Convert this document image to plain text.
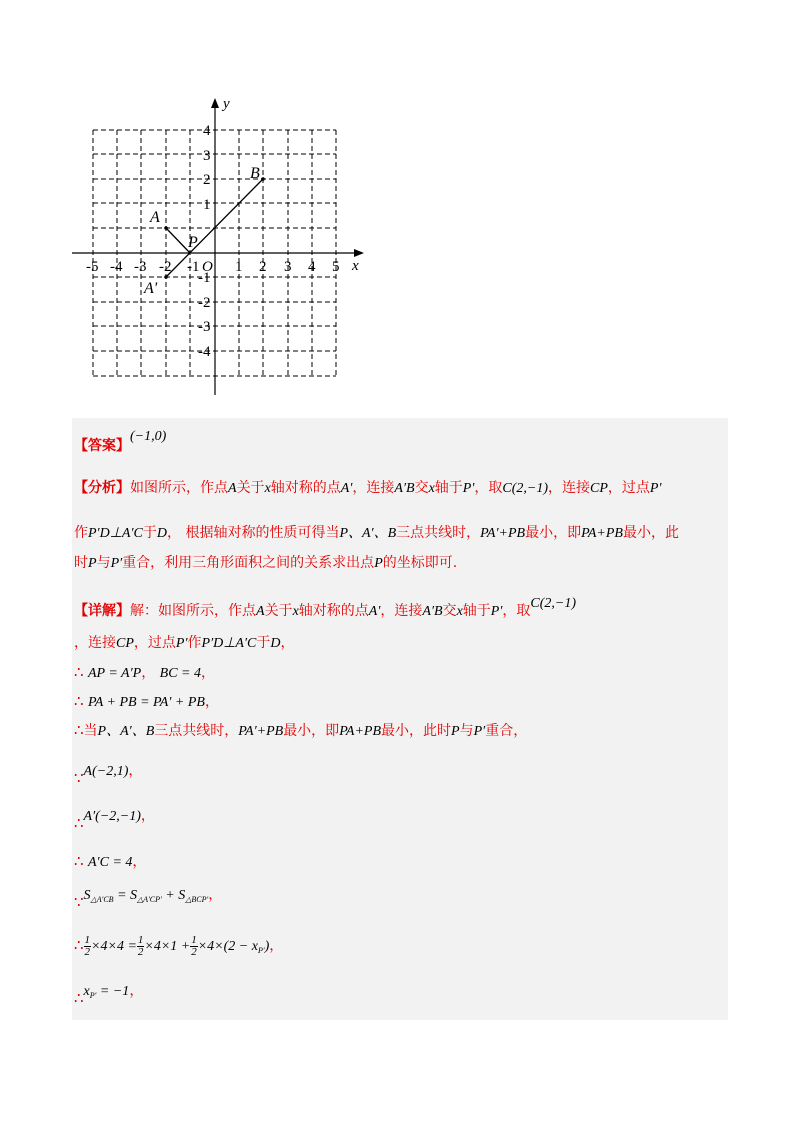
x
y
-5 -4 -3 -2 -1 O 1 2 3 4 5
4
3
2
1
-1
-2
-3
-4
A
A'
B
P
【答案】(−1,0)
【分析】如图所示，作点A关于x轴对称的点A′，连接A′B交x轴于P′，取C(2,−1)，连接CP，过点P′
作P′D⊥A′C于D， 根据轴对称的性质可得当P、A′、B三点共线时，PA′+PB最小，即PA+PB最小，此
时P与P′重合，利用三角形面积之间的关系求出点P的坐标即可.
【详解】解：如图所示，作点A关于x轴对称的点A′，连接A′B交x轴于P′，取C(2,−1)
，连接CP，过点P′作P′D⊥A′C于D，
∴ AP = A′P， BC = 4，
∴ PA + PB = PA′ + PB，
∴当P、A′、B三点共线时，PA′+PB最小，即PA+PB最小，此时P与P′重合，
∵A(−2,1)，
∴A′(−2,−1)，
∴ A′C = 4，
$\because S_{\triangle A'CB} = S_{\triangle A'CP'} + S_{\triangle BCP'}$，
∴ $\frac{1}{2} \times 4\times 4 = \frac{1}{2} \times 4\times 1 + \frac{1}{2} \times 4\times(2 - x_{P'})$，
$\therefore x_{P'} = -1$，
